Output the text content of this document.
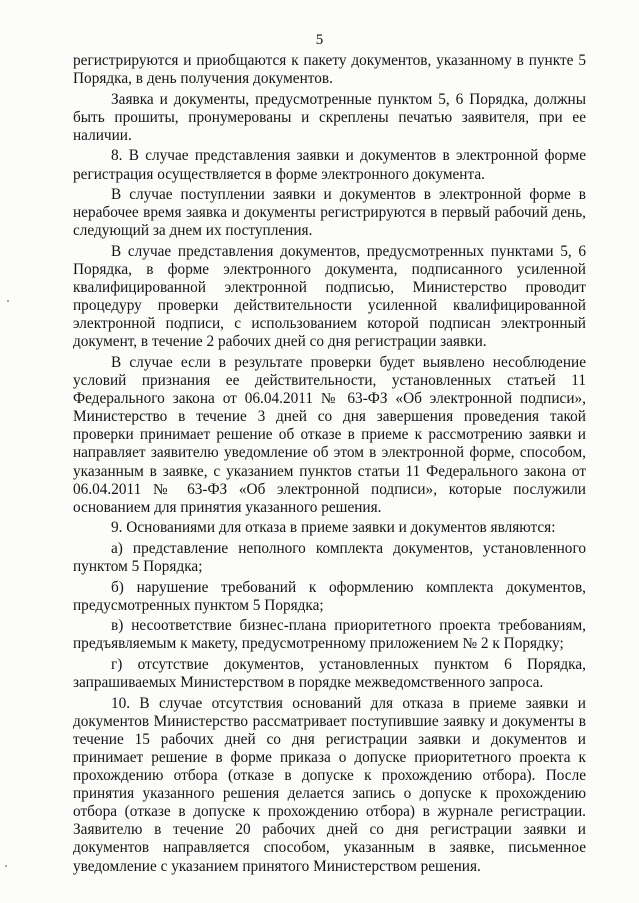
5

регистрируются и приобщаются к пакету документов, указанному в пункте 5 Порядка, в день получения документов.

Заявка и документы, предусмотренные пунктом 5, 6 Порядка, должны быть прошиты, пронумерованы и скреплены печатью заявителя, при ее наличии.

8. В случае представления заявки и документов в электронной форме регистрация осуществляется в форме электронного документа.

В случае поступлении заявки и документов в электронной форме в нерабочее время заявка и документы регистрируются в первый рабочий день, следующий за днем их поступления.

В случае представления документов, предусмотренных пунктами 5, 6 Порядка, в форме электронного документа, подписанного усиленной квалифицированной электронной подписью, Министерство проводит процедуру проверки действительности усиленной квалифицированной электронной подписи, с использованием которой подписан электронный документ, в течение 2 рабочих дней со дня регистрации заявки.

В случае если в результате проверки будет выявлено несоблюдение условий признания ее действительности, установленных статьей 11 Федерального закона от 06.04.2011 № 63-ФЗ «Об электронной подписи», Министерство в течение 3 дней со дня завершения проведения такой проверки принимает решение об отказе в приеме к рассмотрению заявки и направляет заявителю уведомление об этом в электронной форме, способом, указанным в заявке, с указанием пунктов статьи 11 Федерального закона от 06.04.2011 № 63-ФЗ «Об электронной подписи», которые послужили основанием для принятия указанного решения.

9. Основаниями для отказа в приеме заявки и документов являются:

а) представление неполного комплекта документов, установленного пунктом 5 Порядка;

б) нарушение требований к оформлению комплекта документов, предусмотренных пунктом 5 Порядка;

в) несоответствие бизнес-плана приоритетного проекта требованиям, предъявляемым к макету, предусмотренному приложением № 2 к Порядку;

г) отсутствие документов, установленных пунктом 6 Порядка, запрашиваемых Министерством в порядке межведомственного запроса.

10. В случае отсутствия оснований для отказа в приеме заявки и документов Министерство рассматривает поступившие заявку и документы в течение 15 рабочих дней со дня регистрации заявки и документов и принимает решение в форме приказа о допуске приоритетного проекта к прохождению отбора (отказе в допуске к прохождению отбора). После принятия указанного решения делается запись о допуске к прохождению отбора (отказе в допуске к прохождению отбора) в журнале регистрации. Заявителю в течение 20 рабочих дней со дня регистрации заявки и документов направляется способом, указанным в заявке, письменное уведомление с указанием принятого Министерством решения.
